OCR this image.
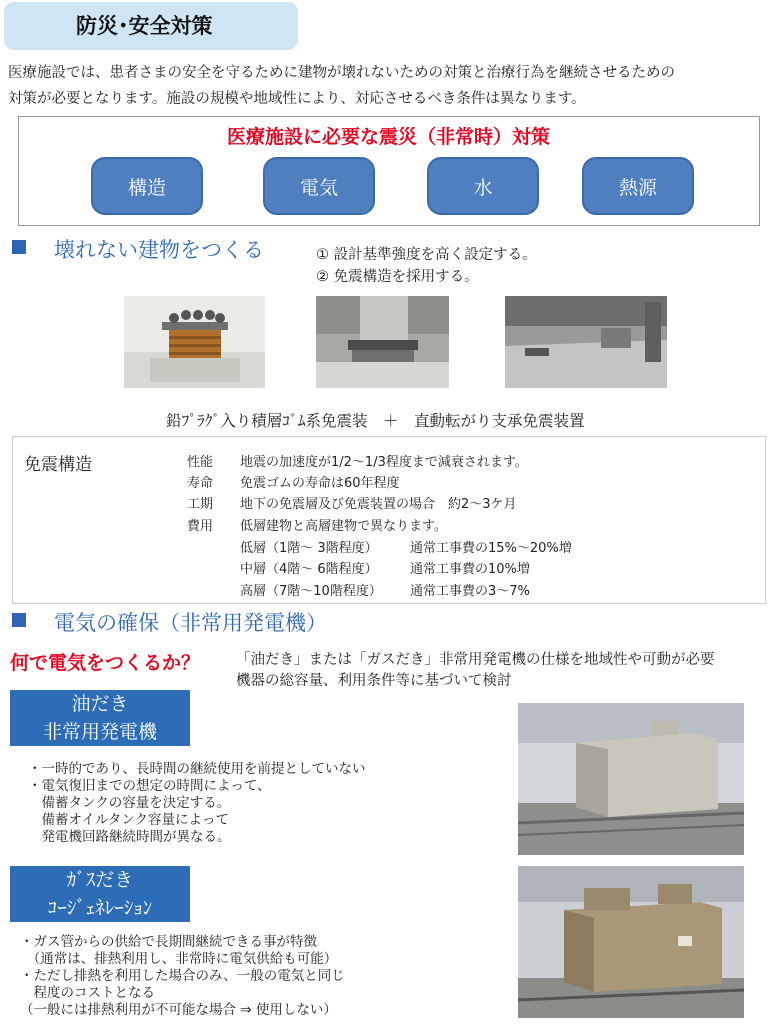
防災･安全対策
医療施設では、患者さまの安全を守るために建物が壊れないための対策と治療行為を継続させるための
対策が必要となります。施設の規模や地域性により、対応させるべき条件は異なります。
医療施設に必要な震災（非常時）対策
構造	電気	水	熱源
壊れない建物をつくる	① 設計基準強度を高く設定する。
② 免震構造を採用する。
鉛ﾌﾟﾗｸﾞ入り積層ｺﾞﾑ系免震装　＋　直動転がり支承免震装置
免震構造	性能 地震の加速度が1/2～1/3程度まで減衰されます。
寿命 免震ゴムの寿命は60年程度
工期 地下の免震層及び免震装置の場合　約2～3ケ月
費用 低層建物と高層建物で異なります。
低層（1階～ 3階程度） 通常工事費の15%～20%増
中層（4階～ 6階程度） 通常工事費の10%増
高層（7階～10階程度） 通常工事費の3～7%
電気の確保（非常用発電機）
何で電気をつくるか？ 「油だき」または「ガスだき」非常用発電機の仕様を地域性や可動が必要
機器の総容量、利用条件等に基づいて検討
油だき
非常用発電機
・一時的であり、長時間の継続使用を前提としていない
・電気復旧までの想定の時間によって、
　備蓄タンクの容量を決定する。
　備蓄オイルタンク容量によって
　発電機回路継続時間が異なる。
ｶﾞｽだき
ｺｰｼﾞｪﾈﾚｰｼｮﾝ
・ガス管からの供給で長期間継続できる事が特徴
　（通常は、排熱利用し、非常時に電気供給も可能）
・ただし排熱を利用した場合のみ、一般の電気と同じ
　程度のコストとなる
（一般には排熱利用が不可能な場合 ⇒ 使用しない）
